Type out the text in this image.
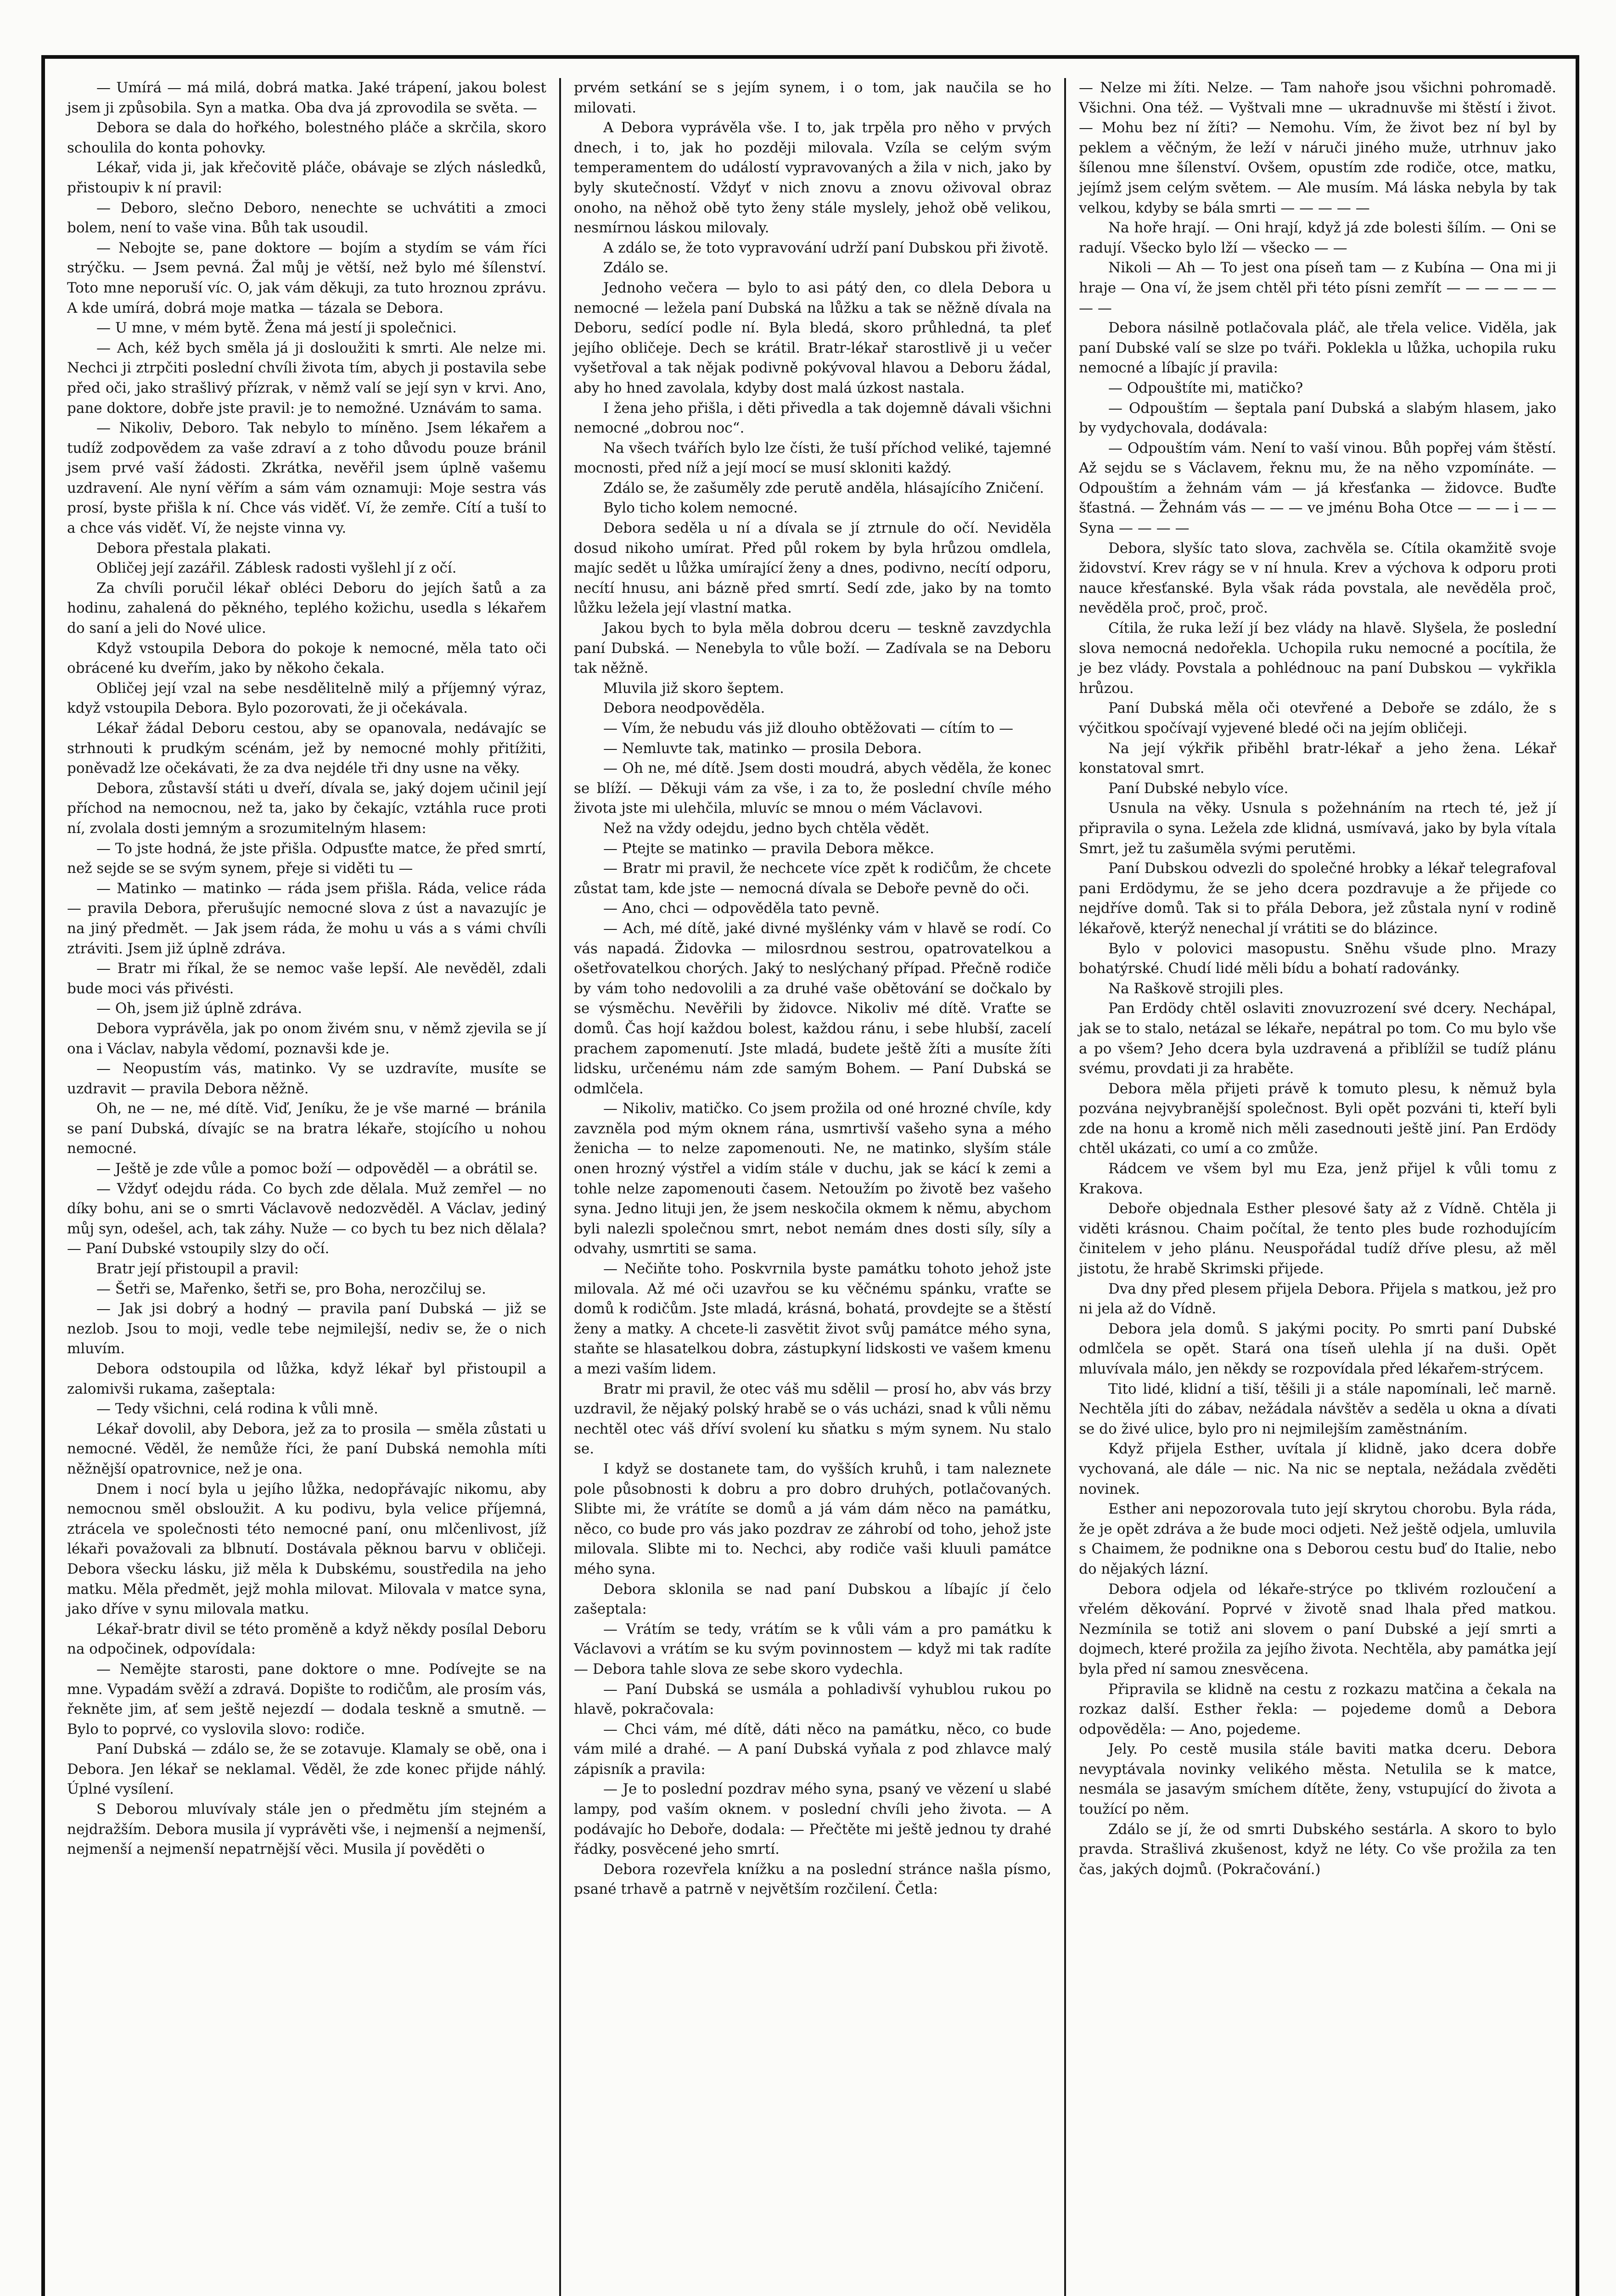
— Umírá — má milá, dobrá matka. Jaké trápení, jakou bolest jsem ji způsobila. Syn a matka. Oba dva já zprovodila se světa. —

Debora se dala do hořkého, bolestného pláče a skrčila, skoro schoulila do konta pohovky.

Lékař, vida ji, jak křečovitě pláče, obávaje se zlých následků, přistoupiv k ní pravil:

— Deboro, slečno Deboro, nenechte se uchvátiti a zmoci bolem, není to vaše vina. Bůh tak usoudil.

— Nebojte se, pane doktore — bojím a stydím se vám říci strýčku. — Jsem pevná. Žal můj je větší, než bylo mé šílenství. Toto mne neporuší víc. O, jak vám děkuji, za tuto hroznou zprávu. A kde umírá, dobrá moje matka — tázala se Debora.

— U mne, v mém bytě. Žena má jestí ji společnici.

— Ach, kéž bych směla já ji dosloužiti k smrti. Ale nelze mi. Nechci ji ztrpčiti poslední chvíli života tím, abych ji postavila sebe před oči, jako strašlivý přízrak, v němž valí se její syn v krvi. Ano, pane doktore, dobře jste pravil: je to nemožné. Uznávám to sama.

— Nikoliv, Deboro. Tak nebylo to míněno. Jsem lékařem a tudíž zodpovědem za vaše zdraví a z toho důvodu pouze bránil jsem prvé vaší žádosti. Zkrátka, nevěřil jsem úplně vašemu uzdravení. Ale nyní věřím a sám vám oznamuji: Moje sestra vás prosí, byste přišla k ní. Chce vás viděť. Ví, že zemře. Cítí a tuší to a chce vás viděť. Ví, že nejste vinna vy.

Debora přestala plakati.

Obličej její zazářil. Záblesk radosti vyšlehl jí z očí.

Za chvíli poručil lékař obléci Deboru do jejích šatů a za hodinu, zahalená do pěkného, teplého kožichu, usedla s lékařem do saní a jeli do Nové ulice.

Když vstoupila Debora do pokoje k nemocné, měla tato oči obrácené ku dveřím, jako by někoho čekala.

Obličej její vzal na sebe nesdělitelně milý a příjemný výraz, když vstoupila Debora. Bylo pozorovati, že ji očekávala.

Lékař žádal Deboru cestou, aby se opanovala, nedávajíc se strhnouti k prudkým scénám, jež by nemocné mohly přitížiti, poněvadž lze očekávati, že za dva nejdéle tři dny usne na věky.

Debora, zůstavší státi u dveří, dívala se, jaký dojem učinil její příchod na nemocnou, než ta, jako by čekajíc, vztáhla ruce proti ní, zvolala dosti jemným a srozumitelným hlasem:

— To jste hodná, že jste přišla. Odpusťte matce, že před smrtí, než sejde se se svým synem, přeje si viděti tu —

— Matinko — matinko — ráda jsem přišla. Ráda, velice ráda — pravila Debora, přerušujíc nemocné slova z úst a navazujíc je na jiný předmět. — Jak jsem ráda, že mohu u vás a s vámi chvíli ztráviti. Jsem již úplně zdráva.

— Bratr mi říkal, že se nemoc vaše lepší. Ale nevěděl, zdali bude moci vás přivésti.

— Oh, jsem již úplně zdráva.

Debora vyprávěla, jak po onom živém snu, v němž zjevila se jí ona i Václav, nabyla vědomí, poznavši kde je.

— Neopustím vás, matinko. Vy se uzdravíte, musíte se uzdravit — pravila Debora něžně.

Oh, ne — ne, mé dítě. Viď, Jeníku, že je vše marné — bránila se paní Dubská, dívajíc se na bratra lékaře, stojícího u nohou nemocné.

— Ještě je zde vůle a pomoc boží — odpověděl — a obrátil se.

— Vždyť odejdu ráda. Co bych zde dělala. Muž zemřel — no díky bohu, ani se o smrti Václavově nedozvěděl. A Václav, jediný můj syn, odešel, ach, tak záhy. Nuže — co bych tu bez nich dělala? — Paní Dubské vstoupily slzy do očí.

Bratr její přistoupil a pravil:

— Šetři se, Mařenko, šetři se, pro Boha, nerozčiluj se.

— Jak jsi dobrý a hodný — pravila paní Dubská — již se nezlob. Jsou to moji, vedle tebe nejmilejší, nediv se, že o nich mluvím.

Debora odstoupila od lůžka, když lékař byl přistoupil a zalomivši rukama, zašeptala:

— Tedy všichni, celá rodina k vůli mně.

Lékař dovolil, aby Debora, jež za to prosila — směla zůstati u nemocné. Věděl, že nemůže říci, že paní Dubská nemohla míti něžnější opatrovnice, než je ona.

Dnem i nocí byla u jejího lůžka, nedopřávajíc nikomu, aby nemocnou směl obsloužit. A ku podivu, byla velice příjemná, ztrácela ve společnosti této nemocné paní, onu mlčenlivost, jíž lékaři považovali za blbnutí. Dostávala pěknou barvu v obličeji. Debora všecku lásku, již měla k Dubskému, soustředila na jeho matku. Měla předmět, jejž mohla milovat. Milovala v matce syna, jako dříve v synu milovala matku.

Lékař-bratr divil se této proměně a když někdy posílal Deboru na odpočinek, odpovídala:

— Nemějte starosti, pane doktore o mne. Podívejte se na mne. Vypadám svěží a zdravá. Dopište to rodičům, ale prosím vás, řekněte jim, ať sem ještě nejezdí — dodala teskně a smutně. — Bylo to poprvé, co vyslovila slovo: rodiče.

Paní Dubská — zdálo se, že se zotavuje. Klamaly se obě, ona i Debora. Jen lékař se neklamal. Věděl, že zde konec přijde náhlý. Úplné vysílení.

S Deborou mluvívaly stále jen o předmětu jím stejném a nejdražším. Debora musila jí vyprávěti vše, i nejmenší a nejmenší, nejmenší a nejmenší nepatrnější věci. Musila jí pověděti o

prvém setkání se s jejím synem, i o tom, jak naučila se ho milovati.

A Debora vyprávěla vše. I to, jak trpěla pro něho v prvých dnech, i to, jak ho později milovala. Vzíla se celým svým temperamentem do událostí vypravovaných a žila v nich, jako by byly skutečností. Vždyť v nich znovu a znovu oživoval obraz onoho, na něhož obě tyto ženy stále myslely, jehož obě velikou, nesmírnou láskou milovaly.

A zdálo se, že toto vypravování udrží paní Dubskou při životě.

Zdálo se.

Jednoho večera — bylo to asi pátý den, co dlela Debora u nemocné — ležela paní Dubská na lůžku a tak se něžně dívala na Deboru, sedící podle ní. Byla bledá, skoro průhledná, ta pleť jejího obličeje. Dech se krátil. Bratr-lékař starostlivě ji u večer vyšetřoval a tak nějak podivně pokývoval hlavou a Deboru žádal, aby ho hned zavolala, kdyby dost malá úzkost nastala.

I žena jeho přišla, i děti přivedla a tak dojemně dávali všichni nemocné „dobrou noc“.

Na všech tvářích bylo lze čísti, že tuší příchod veliké, tajemné mocnosti, před níž a její mocí se musí skloniti každý.

Zdálo se, že zašuměly zde perutě anděla, hlásajícího Zničení.

Bylo ticho kolem nemocné.

Debora seděla u ní a dívala se jí ztrnule do očí. Neviděla dosud nikoho umírat. Před půl rokem by byla hrůzou omdlela, majíc sedět u lůžka umírající ženy a dnes, podivno, necítí odporu, necítí hnusu, ani bázně před smrtí. Sedí zde, jako by na tomto lůžku ležela její vlastní matka.

Jakou bych to byla měla dobrou dceru — teskně zavzdychla paní Dubská. — Nenebyla to vůle boží. — Zadívala se na Deboru tak něžně.

Mluvila již skoro šeptem.

Debora neodpověděla.

— Vím, že nebudu vás již dlouho obtěžovati — cítím to —

— Nemluvte tak, matinko — prosila Debora.

— Oh ne, mé dítě. Jsem dosti moudrá, abych věděla, že konec se blíží. — Děkuji vám za vše, i za to, že poslední chvíle mého života jste mi ulehčila, mluvíc se mnou o mém Václavovi.

Než na vždy odejdu, jedno bych chtěla vědět.

— Ptejte se matinko — pravila Debora měkce.

— Bratr mi pravil, že nechcete více zpět k rodičům, že chcete zůstat tam, kde jste — nemocná dívala se Deboře pevně do oči.

— Ano, chci — odpověděla tato pevně.

— Ach, mé dítě, jaké divné myšlénky vám v hlavě se rodí. Co vás napadá. Židovka — milosrdnou sestrou, opatrovatelkou a ošetřovatelkou chorých. Jaký to neslýchaný případ. Přečně rodiče by vám toho nedovolili a za druhé vaše obětování se dočkalo by se výsměchu. Nevěřili by židovce. Nikoliv mé dítě. Vraťte se domů. Čas hojí každou bolest, každou ránu, i sebe hlubší, zacelí prachem zapomenutí. Jste mladá, budete ještě žíti a musíte žíti lidsku, určenému nám zde samým Bohem. — Paní Dubská se odmlčela.

— Nikoliv, matičko. Co jsem prožila od oné hrozné chvíle, kdy zavzněla pod mým oknem rána, usmrtivší vašeho syna a mého ženicha — to nelze zapomenouti. Ne, ne matinko, slyším stále onen hrozný výstřel a vidím stále v duchu, jak se kácí k zemi a tohle nelze zapomenouti časem. Netoužím po životě bez vašeho syna. Jedno lituji jen, že jsem neskočila okmem k němu, abychom byli nalezli společnou smrt, nebot nemám dnes dosti síly, síly a odvahy, usmrtiti se sama.

— Nečiňte toho. Poskvrnila byste památku tohoto jehož jste milovala. Až mé oči uzavřou se ku věčnému spánku, vraťte se domů k rodičům. Jste mladá, krásná, bohatá, provdejte se a štěstí ženy a matky. A chcete-li zasvětit život svůj památce mého syna, staňte se hlasatelkou dobra, zástupkyní lidskosti ve vašem kmenu a mezi vaším lidem.

Bratr mi pravil, že otec váš mu sdělil — prosí ho, abv vás brzy uzdravil, že nějaký polský hrabě se o vás ucházi, snad k vůli němu nechtěl otec váš dříví svolení ku sňatku s mým synem. Nu stalo se.

I když se dostanete tam, do vyšších kruhů, i tam naleznete pole působnosti k dobru a pro dobro druhých, potlačovaných. Slibte mi, že vrátíte se domů a já vám dám něco na památku, něco, co bude pro vás jako pozdrav ze záhrobí od toho, jehož jste milovala. Slibte mi to. Nechci, aby rodiče vaši kluuli památce mého syna.

Debora sklonila se nad paní Dubskou a líbajíc jí čelo zašeptala:

— Vrátím se tedy, vrátím se k vůli vám a pro památku k Václavovi a vrátím se ku svým povinnostem — když mi tak radíte — Debora tahle slova ze sebe skoro vydechla.

— Paní Dubská se usmála a pohladivší vyhublou rukou po hlavě, pokračovala:

— Chci vám, mé dítě, dáti něco na památku, něco, co bude vám milé a drahé. — A paní Dubská vyňala z pod zhlavce malý zápisník a pravila:

— Je to poslední pozdrav mého syna, psaný ve vězení u slabé lampy, pod vaším oknem. v poslední chvíli jeho života. — A podávajíc ho Deboře, dodala: — Přečtěte mi ještě jednou ty drahé řádky, posvěcené jeho smrtí.

Debora rozevřela knížku a na poslední stránce našla písmo, psané trhavě a patrně v největším rozčilení. Četla:

— Nelze mi žíti. Nelze. — Tam nahoře jsou všichni pohromadě. Všichni. Ona též. — Vyštvali mne — ukradnuvše mi štěstí i život. — Mohu bez ní žíti? — Nemohu. Vím, že život bez ní byl by peklem a věčným, že leží v náruči jiného muže, utrhnuv jako šílenou mne šílenství. Ovšem, opustím zde rodiče, otce, matku, jejímž jsem celým světem. — Ale musím. Má láska nebyla by tak velkou, kdyby se bála smrti — — — — —

Na hoře hrají. — Oni hrají, když já zde bolesti šílím. — Oni se radují. Všecko bylo lží — všecko — —

Nikoli — Ah — To jest ona píseň tam — z Kubína — Ona mi ji hraje — Ona ví, že jsem chtěl při této písni zemřít — — — — — — — —

Debora násilně potlačovala pláč, ale třela velice. Viděla, jak paní Dubské valí se slze po tváři. Poklekla u lůžka, uchopila ruku nemocné a líbajíc jí pravila:

— Odpouštíte mi, matičko?

— Odpouštím — šeptala paní Dubská a slabým hlasem, jako by vydychovala, dodávala:

— Odpouštím vám. Není to vaší vinou. Bůh popřej vám štěstí. Až sejdu se s Václavem, řeknu mu, že na něho vzpomínáte. — Odpouštím a žehnám vám — já křesťanka — židovce. Buďte šťastná. — Žehnám vás — — — ve jménu Boha Otce — — — i — — Syna — — — —

Debora, slyšíc tato slova, zachvěla se. Cítila okamžitě svoje židovství. Krev rágy se v ní hnula. Krev a výchova k odporu proti nauce křesťanské. Byla však ráda povstala, ale nevěděla proč, nevěděla proč, proč, proč.

Cítila, že ruka leží jí bez vlády na hlavě. Slyšela, že poslední slova nemocná nedořekla. Uchopila ruku nemocné a pocítila, že je bez vlády. Povstala a pohlédnouc na paní Dubskou — vykřikla hrůzou.

Paní Dubská měla oči otevřené a Deboře se zdálo, že s výčitkou spočívají vyjevené bledé oči na jejím obličeji.

Na její výkřik přiběhl bratr-lékař a jeho žena. Lékař konstatoval smrt.

Paní Dubské nebylo více.

Usnula na věky. Usnula s požehnáním na rtech té, jež jí připravila o syna. Ležela zde klidná, usmívavá, jako by byla vítala Smrt, jež tu zašuměla svými perutěmi.

Paní Dubskou odvezli do společné hrobky a lékař telegrafoval pani Erdödymu, že se jeho dcera pozdravuje a že přijede co nejdříve domů. Tak si to přála Debora, jež zůstala nyní v rodině lékařově, kterýž nenechal jí vrátiti se do blázince.

Bylo v polovici masopustu. Sněhu všude plno. Mrazy bohatýrské. Chudí lidé měli bídu a bohatí radovánky.

Na Raškově strojili ples.

Pan Erdödy chtěl oslaviti znovuzrození své dcery. Nechápal, jak se to stalo, netázal se lékaře, nepátral po tom. Co mu bylo vše a po všem? Jeho dcera byla uzdravená a přiblížil se tudíž plánu svému, provdati ji za hraběte.

Debora měla přijeti právě k tomuto plesu, k němuž byla pozvána nejvybranější společnost. Byli opět pozváni ti, kteří byli zde na honu a kromě nich měli zasednouti ještě jiní. Pan Erdödy chtěl ukázati, co umí a co zmůže.

Rádcem ve všem byl mu Eza, jenž přijel k vůli tomu z Krakova.

Deboře objednala Esther plesové šaty až z Vídně. Chtěla ji viděti krásnou. Chaim počítal, že tento ples bude rozhodujícím činitelem v jeho plánu. Neuspořádal tudíž dříve plesu, až měl jistotu, že hrabě Skrimski přijede.

Dva dny před plesem přijela Debora. Přijela s matkou, jež pro ni jela až do Vídně.

Debora jela domů. S jakými pocity. Po smrti paní Dubské odmlčela se opět. Stará ona tíseň ulehla jí na duši. Opět mluvívala málo, jen někdy se rozpovídala před lékařem-strýcem.

Tito lidé, klidní a tiší, těšili ji a stále napomínali, leč marně. Nechtěla jíti do zábav, nežádala návštěv a seděla u okna a dívati se do živé ulice, bylo pro ni nejmilejším zaměstnáním.

Když přijela Esther, uvítala jí klidně, jako dcera dobře vychovaná, ale dále — nic. Na nic se neptala, nežádala zvěděti novinek.

Esther ani nepozorovala tuto její skrytou chorobu. Byla ráda, že je opět zdráva a že bude moci odjeti. Než ještě odjela, umluvila s Chaimem, že podnikne ona s Deborou cestu buď do Italie, nebo do nějakých lázní.

Debora odjela od lékaře-strýce po tklivém rozloučení a vřelém děkování. Poprvé v životě snad lhala před matkou. Nezmínila se totiž ani slovem o paní Dubské a její smrti a dojmech, které prožila za jejího života. Nechtěla, aby památka její byla před ní samou znesvěcena.

Připravila se klidně na cestu z rozkazu matčina a čekala na rozkaz další. Esther řekla: — pojedeme domů a Debora odpověděla: — Ano, pojedeme.

Jely. Po cestě musila stále baviti matka dceru. Debora nevyptávala novinky velikého města. Netulila se k matce, nesmála se jasavým smíchem dítěte, ženy, vstupující do života a toužící po něm.

Zdálo se jí, že od smrti Dubského sestárla. A skoro to bylo pravda. Strašlivá zkušenost, když ne léty. Co vše prožila za ten čas, jakých dojmů. (Pokračování.)
